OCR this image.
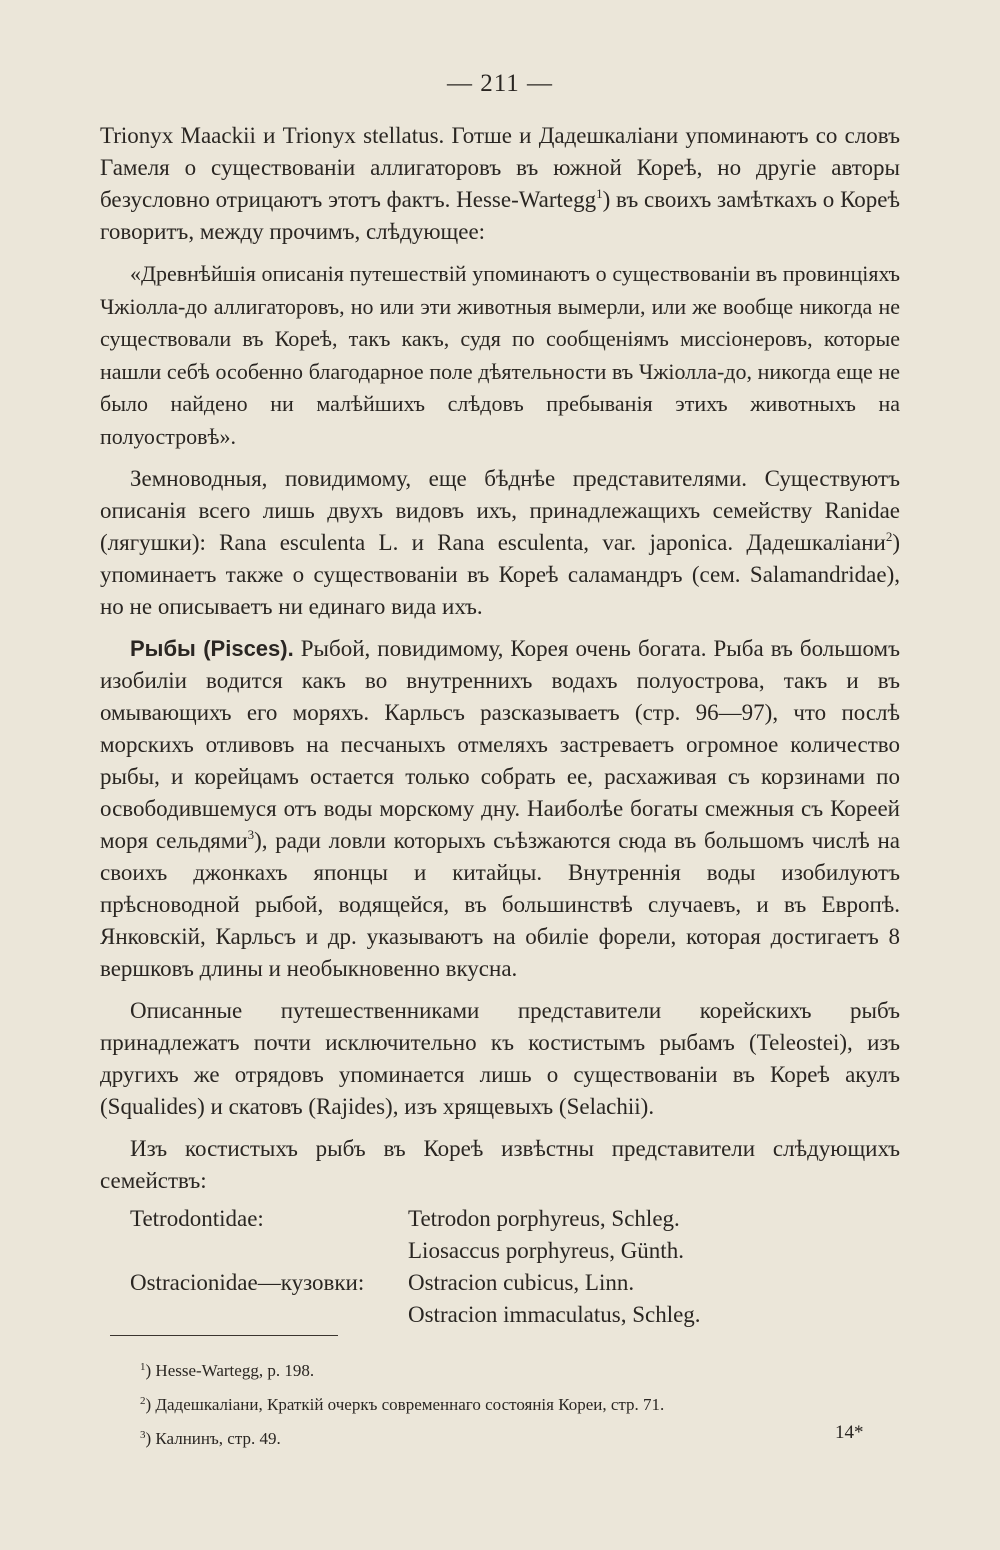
— 211 —

Trionyx Maackii и Trionyx stellatus. Готше и Дадешкаліани упоминаютъ со словъ Гамеля о существованіи аллигаторовъ въ южной Кореѣ, но другіе авторы безусловно отрицаютъ этотъ фактъ. Hesse-Wartegg$^1$) въ своихъ замѣткахъ о Кореѣ говоритъ, между прочимъ, слѣдующее:

«Древнѣйшія описанія путешествій упоминаютъ о существованіи въ провинціяхъ Чжіолла-до аллигаторовъ, но или эти животныя вымерли, или же вообще никогда не существовали въ Кореѣ, такъ какъ, судя по сообщеніямъ миссіонеровъ, которые нашли себѣ особенно благодарное поле дѣятельности въ Чжіолла-до, никогда еще не было найдено ни малѣйшихъ слѣдовъ пребыванія этихъ животныхъ на полуостровѣ».

Земноводныя, повидимому, еще бѣднѣе представителями. Существуютъ описанія всего лишь двухъ видовъ ихъ, принадлежащихъ семейству Ranidae (лягушки): Rana esculenta L. и Rana esculenta, var. japonica. Дадешкаліани$^2$) упоминаетъ также о существованіи въ Кореѣ саламандръ (сем. Salamandridae), но не описываетъ ни единаго вида ихъ.

Рыбы (Pisces). Рыбой, повидимому, Корея очень богата. Рыба въ большомъ изобиліи водится какъ во внутреннихъ водахъ полуострова, такъ и въ омывающихъ его моряхъ. Карльсъ разсказываетъ (стр. 96—97), что послѣ морскихъ отливовъ на песчаныхъ отмеляхъ застреваетъ огромное количество рыбы, и корейцамъ остается только собрать ее, расхаживая съ корзинами по освободившемуся отъ воды морскому дну. Наиболѣе богаты смежныя съ Кореей моря сельдями$^3$), ради ловли которыхъ съѣзжаются сюда въ большомъ числѣ на своихъ джонкахъ японцы и китайцы. Внутреннія воды изобилуютъ прѣсноводной рыбой, водящейся, въ большинствѣ случаевъ, и въ Европѣ. Янковскій, Карльсъ и др. указываютъ на обиліе форели, которая достигаетъ 8 вершковъ длины и необыкновенно вкусна.

Описанные путешественниками представители корейскихъ рыбъ принадлежатъ почти исключительно къ костистымъ рыбамъ (Teleostei), изъ другихъ же отрядовъ упоминается лишь о существованіи въ Кореѣ акулъ (Squalides) и скатовъ (Rajides), изъ хрящевыхъ (Selachii).

Изъ костистыхъ рыбъ въ Кореѣ извѣстны представители слѣдующихъ семействъ:

Tetrodontidae:	Tetrodon porphyreus, Schleg.
	Liosaccus porphyreus, Günth.
Ostracionidae—кузовки:	Ostracion cubicus, Linn.
	Ostracion immaculatus, Schleg.
$^1$) Hesse-Wartegg, p. 198.
$^2$) Дадешкаліани, Краткій очеркъ современнаго состоянія Кореи, стр. 71.
$^3$) Калнинъ, стр. 49.	14*
